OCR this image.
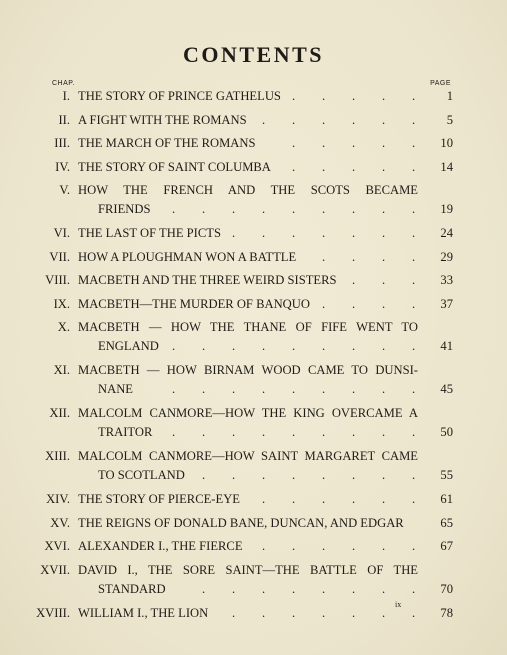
CONTENTS
CHAP.	PAGE
I. THE STORY OF PRINCE GATHELUS	1
. . . . .
II. A FIGHT WITH THE ROMANS	5
. . . . . .
III. THE MARCH OF THE ROMANS	10
. . . . .
IV. THE STORY OF SAINT COLUMBA	14
. . . . .
V. HOW THE FRENCH AND THE SCOTS BECAME
FRIENDS	19
. . . . . . . . .
VI. THE LAST OF THE PICTS	24
. . . . . . .
VII. HOW A PLOUGHMAN WON A BATTLE	29
. . . .
VIII. MACBETH AND THE THREE WEIRD SISTERS	33
. . .
IX. MACBETH—THE MURDER OF BANQUO	37
. . . .
X. MACBETH — HOW THE THANE OF FIFE WENT TO
ENGLAND	41
. . . . . . . . .
XI. MACBETH — HOW BIRNAM WOOD CAME TO DUNSI-
NANE	45
. . . . . . . . .
XII. MALCOLM CANMORE—HOW THE KING OVERCAME A
TRAITOR	50
. . . . . . . . .
XIII. MALCOLM CANMORE—HOW SAINT MARGARET CAME
TO SCOTLAND	55
. . . . . . . .
XIV. THE STORY OF PIERCE-EYE	61
. . . . . .
XV. THE REIGNS OF DONALD BANE, DUNCAN, AND EDGAR	65
XVI. ALEXANDER I., THE FIERCE	67
. . . . . .
XVII. DAVID I., THE SORE SAINT—THE BATTLE OF THE
STANDARD	70
. . . . . . . .
XVIII. WILLIAM I., THE LION	78
. . . . . . .
ix
